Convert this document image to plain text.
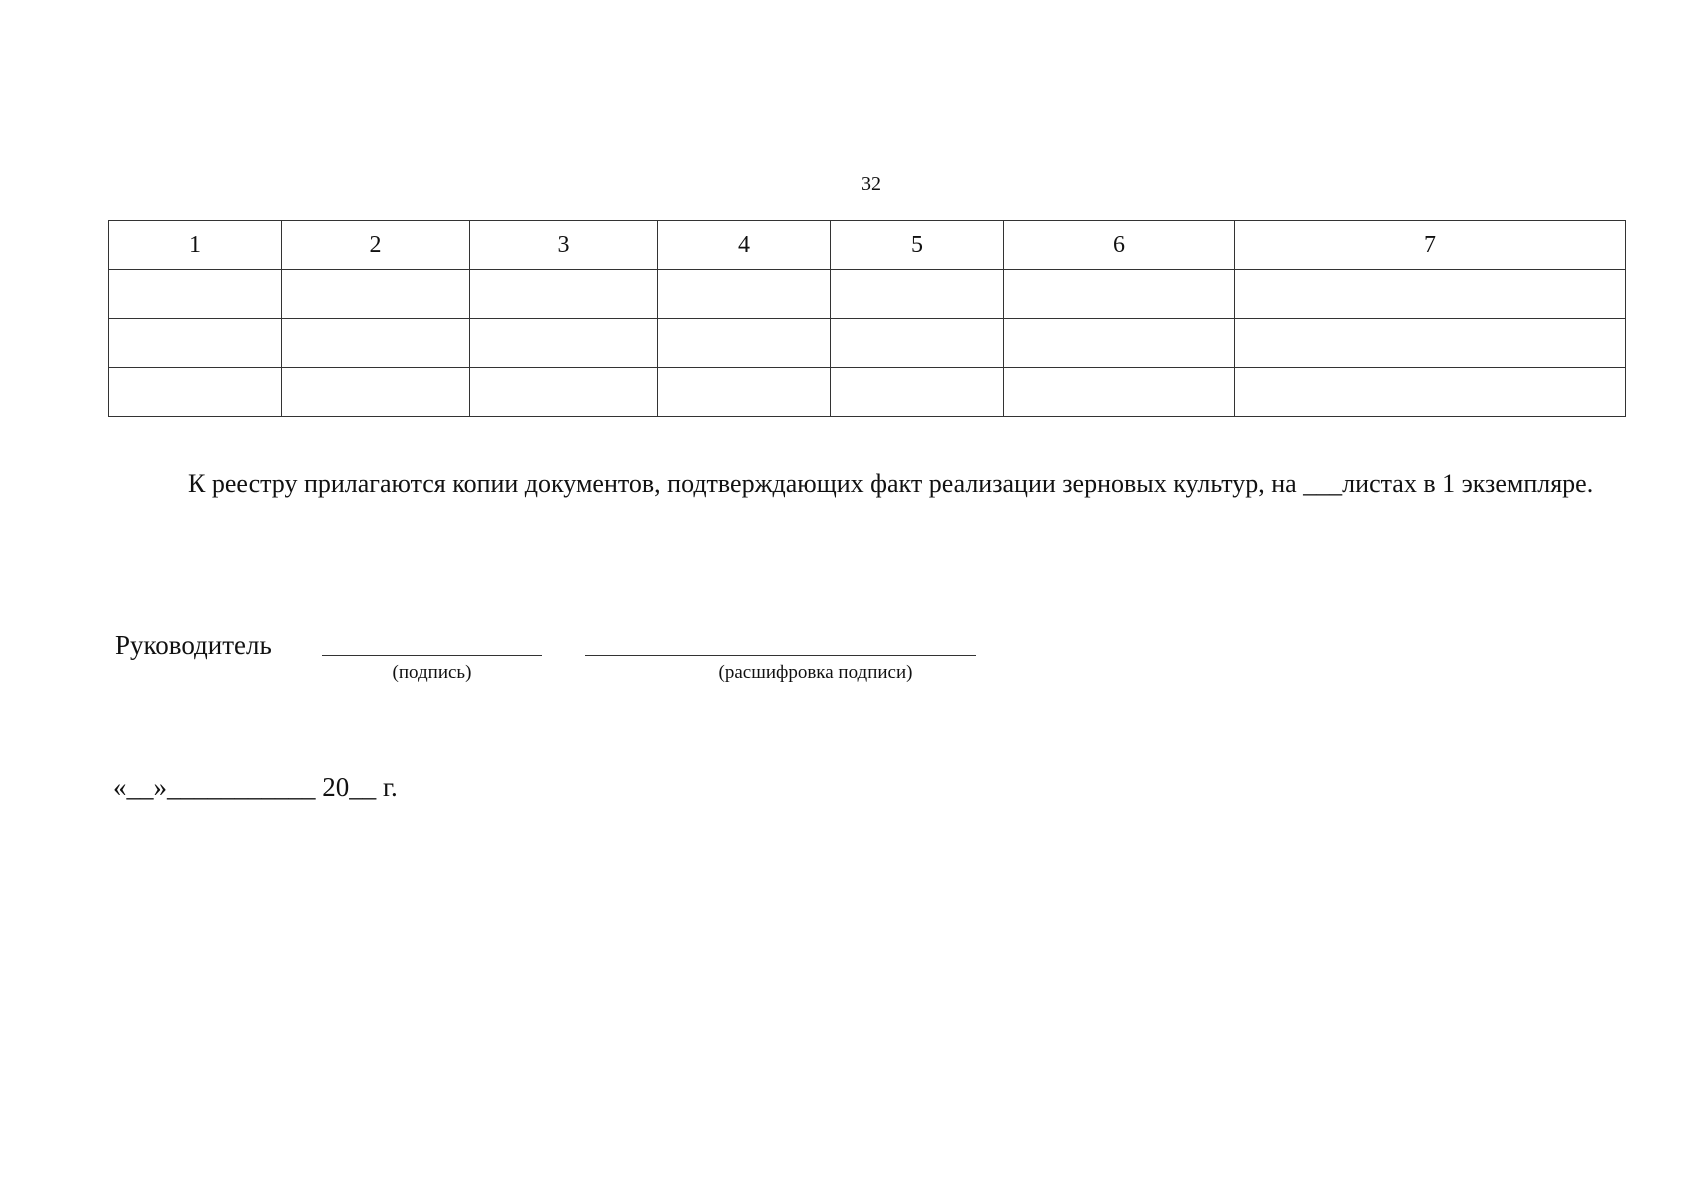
32
1	2	3	4	5	6	7

К реестру прилагаются копии документов, подтверждающих факт реализации зерновых культур, на ___листах в 1 экземпляре.

Руководитель
(подпись)	(расшифровка подписи)
«__»___________ 20__ г.
